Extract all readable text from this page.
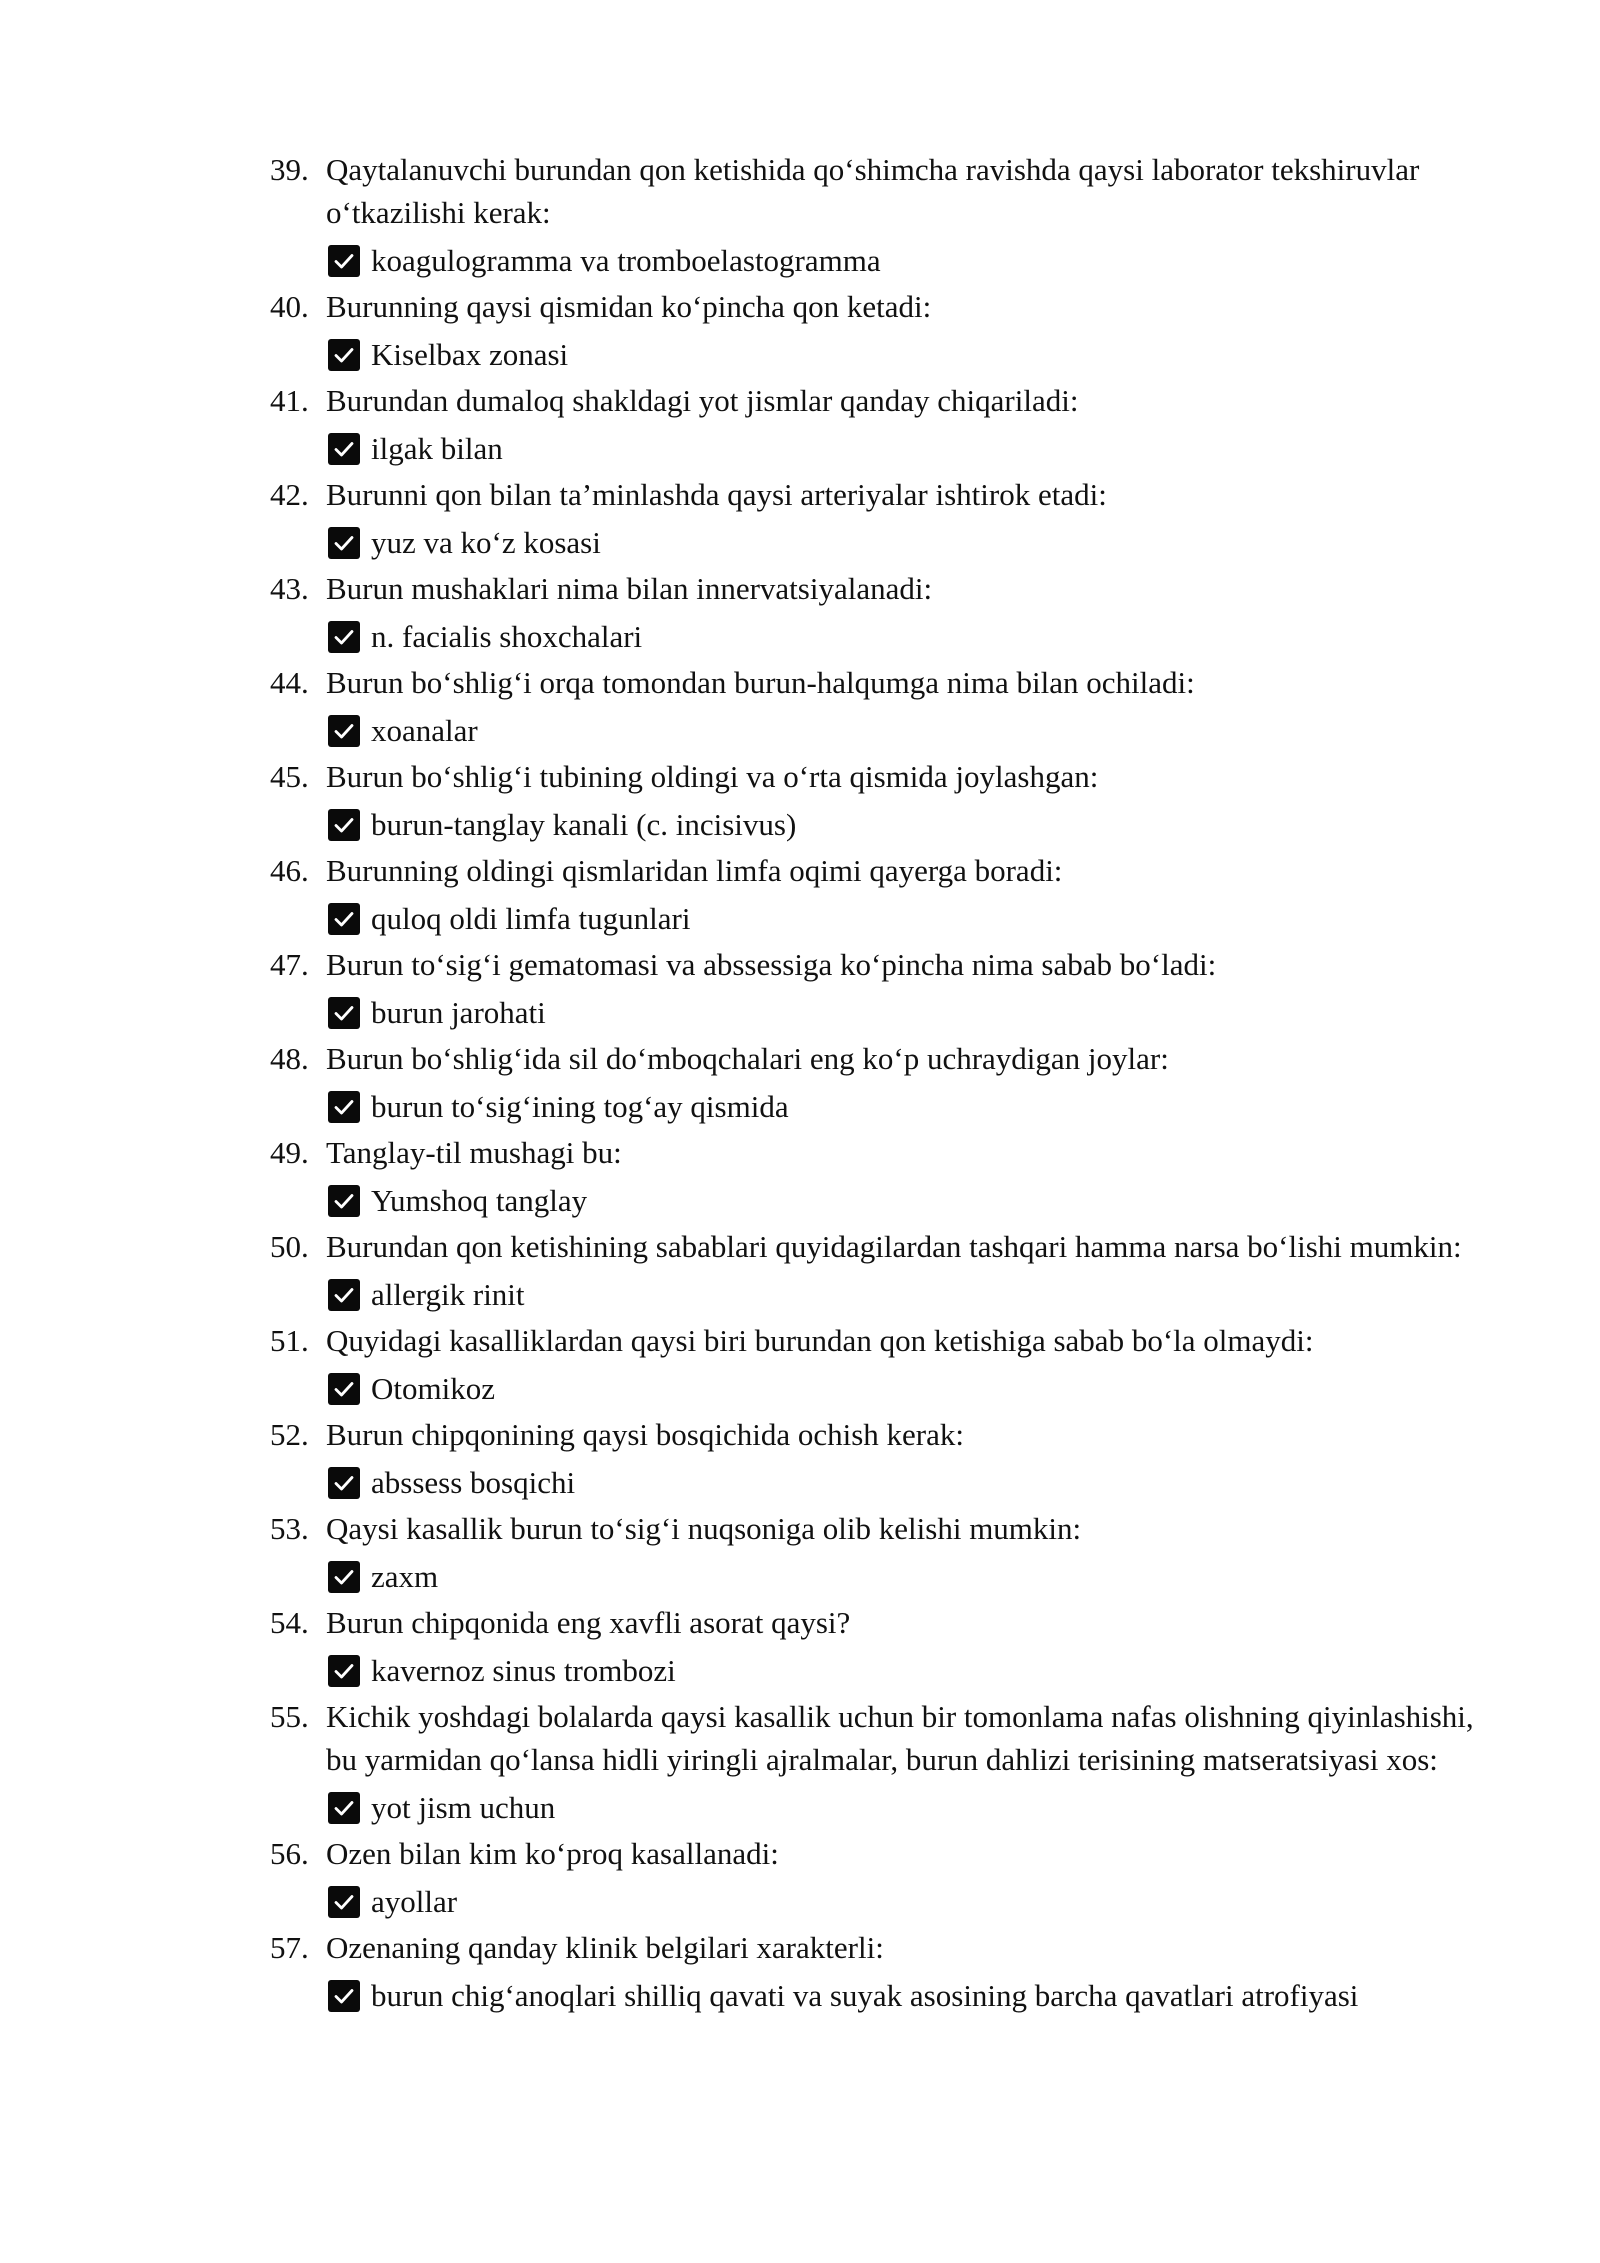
39. Qaytalanuvchi burundan qon ketishida qo‘shimcha ravishda qaysi laborator tekshiruvlar o‘tkazilishi kerak:

koagulogramma va tromboelastogramma

40. Burunning qaysi qismidan ko‘pincha qon ketadi:

Kiselbax zonasi

41. Burundan dumaloq shakldagi yot jismlar qanday chiqariladi:

ilgak bilan

42. Burunni qon bilan ta’minlashda qaysi arteriyalar ishtirok etadi:

yuz va ko‘z kosasi

43. Burun mushaklari nima bilan innervatsiyalanadi:

n. facialis shoxchalari

44. Burun bo‘shlig‘i orqa tomondan burun-halqumga nima bilan ochiladi:

xoanalar

45. Burun bo‘shlig‘i tubining oldingi va o‘rta qismida joylashgan:

burun-tanglay kanali (c. incisivus)

46. Burunning oldingi qismlaridan limfa oqimi qayerga boradi:

quloq oldi limfa tugunlari

47. Burun to‘sig‘i gematomasi va abssessiga ko‘pincha nima sabab bo‘ladi:

burun jarohati

48. Burun bo‘shlig‘ida sil do‘mboqchalari eng ko‘p uchraydigan joylar:

burun to‘sig‘ining tog‘ay qismida

49. Tanglay-til mushagi bu:

Yumshoq tanglay

50. Burundan qon ketishining sabablari quyidagilardan tashqari hamma narsa bo‘lishi mumkin:

allergik rinit

51. Quyidagi kasalliklardan qaysi biri burundan qon ketishiga sabab bo‘la olmaydi:

Otomikoz

52. Burun chipqonining qaysi bosqichida ochish kerak:

abssess bosqichi

53. Qaysi kasallik burun to‘sig‘i nuqsoniga olib kelishi mumkin:

zaxm

54. Burun chipqonida eng xavfli asorat qaysi?

kavernoz sinus trombozi

55. Kichik yoshdagi bolalarda qaysi kasallik uchun bir tomonlama nafas olishning qiyinlashishi, bu yarmidan qo‘lansa hidli yiringli ajralmalar, burun dahlizi terisining matseratsiyasi xos:

yot jism uchun

56. Ozen bilan kim ko‘proq kasallanadi:

ayollar

57. Ozenaning qanday klinik belgilari xarakterli:

burun chig‘anoqlari shilliq qavati va suyak asosining barcha qavatlari atrofiyasi
